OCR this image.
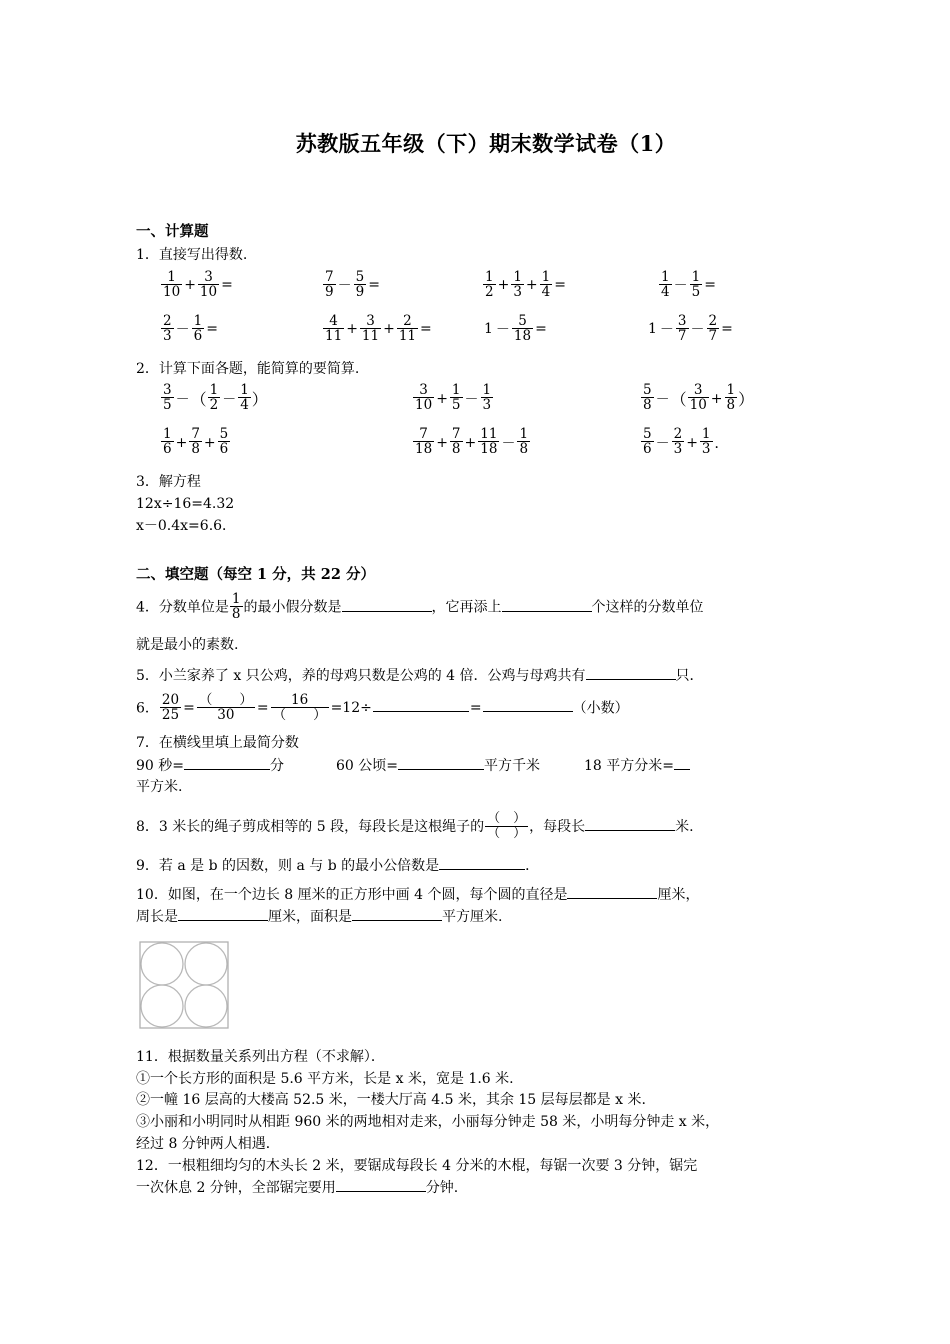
苏教版五年级（下）期末数学试卷（1）
一、计算题
1．直接写出得数.
$\frac{1}{10} + \frac{3}{10}$ =	$\frac{7}{9} - \frac{5}{9}$ =	$\frac{1}{2} + \frac{1}{3} + \frac{1}{4}$ =	$\frac{1}{4} - \frac{1}{5}$ =
$\frac{2}{3} - \frac{1}{6}$ =	$\frac{4}{11} + \frac{3}{11} + \frac{2}{11}$ =	$1 - \frac{5}{18}$ =	$1 - \frac{3}{7} - \frac{2}{7}$ =
2．计算下面各题，能简算的要简算.
$\frac{3}{5}$ －（ $\frac{1}{2} - \frac{1}{4}$ ）	$\frac{3}{10} + \frac{1}{5} - \frac{1}{3}$	$\frac{5}{8}$ －（ $\frac{3}{10} + \frac{1}{8}$ ）
$\frac{1}{6} + \frac{7}{8} + \frac{5}{6}$	$\frac{7}{18} + \frac{7}{8} + \frac{11}{18} - \frac{1}{8}$	$\frac{5}{6} - \frac{2}{3} + \frac{1}{3}$ ．
3．解方程
12x÷16=4.32
x－0.4x=6.6．
二、填空题（每空 1 分，共 22 分）
4．分数单位是 $\frac{1}{8}$ 的最小假分数是	，它再添上	个这样的分数单位
就是最小的素数.
5．小兰家养了 x 只公鸡，养的母鸡只数是公鸡的 4 倍．公鸡与母鸡共有	只．
6． $\frac{20}{25} = \frac{( )}{30} = \frac{16}{( )} =12\div$	=	（小数）
7．在横线里填上最简分数
90 秒=	分	60 公顷=	平方千米	18 平方分米=
平方米.
8．3 米长的绳子剪成相等的 5 段，每段长是这根绳子的 $\frac{( )}{( )}$ ，每段长	米.
9．若 a 是 b 的因数，则 a 与 b 的最小公倍数是	．
10．如图，在一个边长 8 厘米的正方形中画 4 个圆，每个圆的直径是	厘米，
周长是	厘米，面积是	平方厘米.
11．根据数量关系列出方程（不求解）．
①一个长方形的面积是 5.6 平方米，长是 x 米，宽是 1.6 米.
②一幢 16 层高的大楼高 52.5 米，一楼大厅高 4.5 米，其余 15 层每层都是 x 米.
③小丽和小明同时从相距 960 米的两地相对走来，小丽每分钟走 58 米，小明每分钟走 x 米，
经过 8 分钟两人相遇．
12．一根粗细均匀的木头长 2 米，要锯成每段长 4 分米的木棍，每锯一次要 3 分钟，锯完
一次休息 2 分钟，全部锯完要用	分钟.
